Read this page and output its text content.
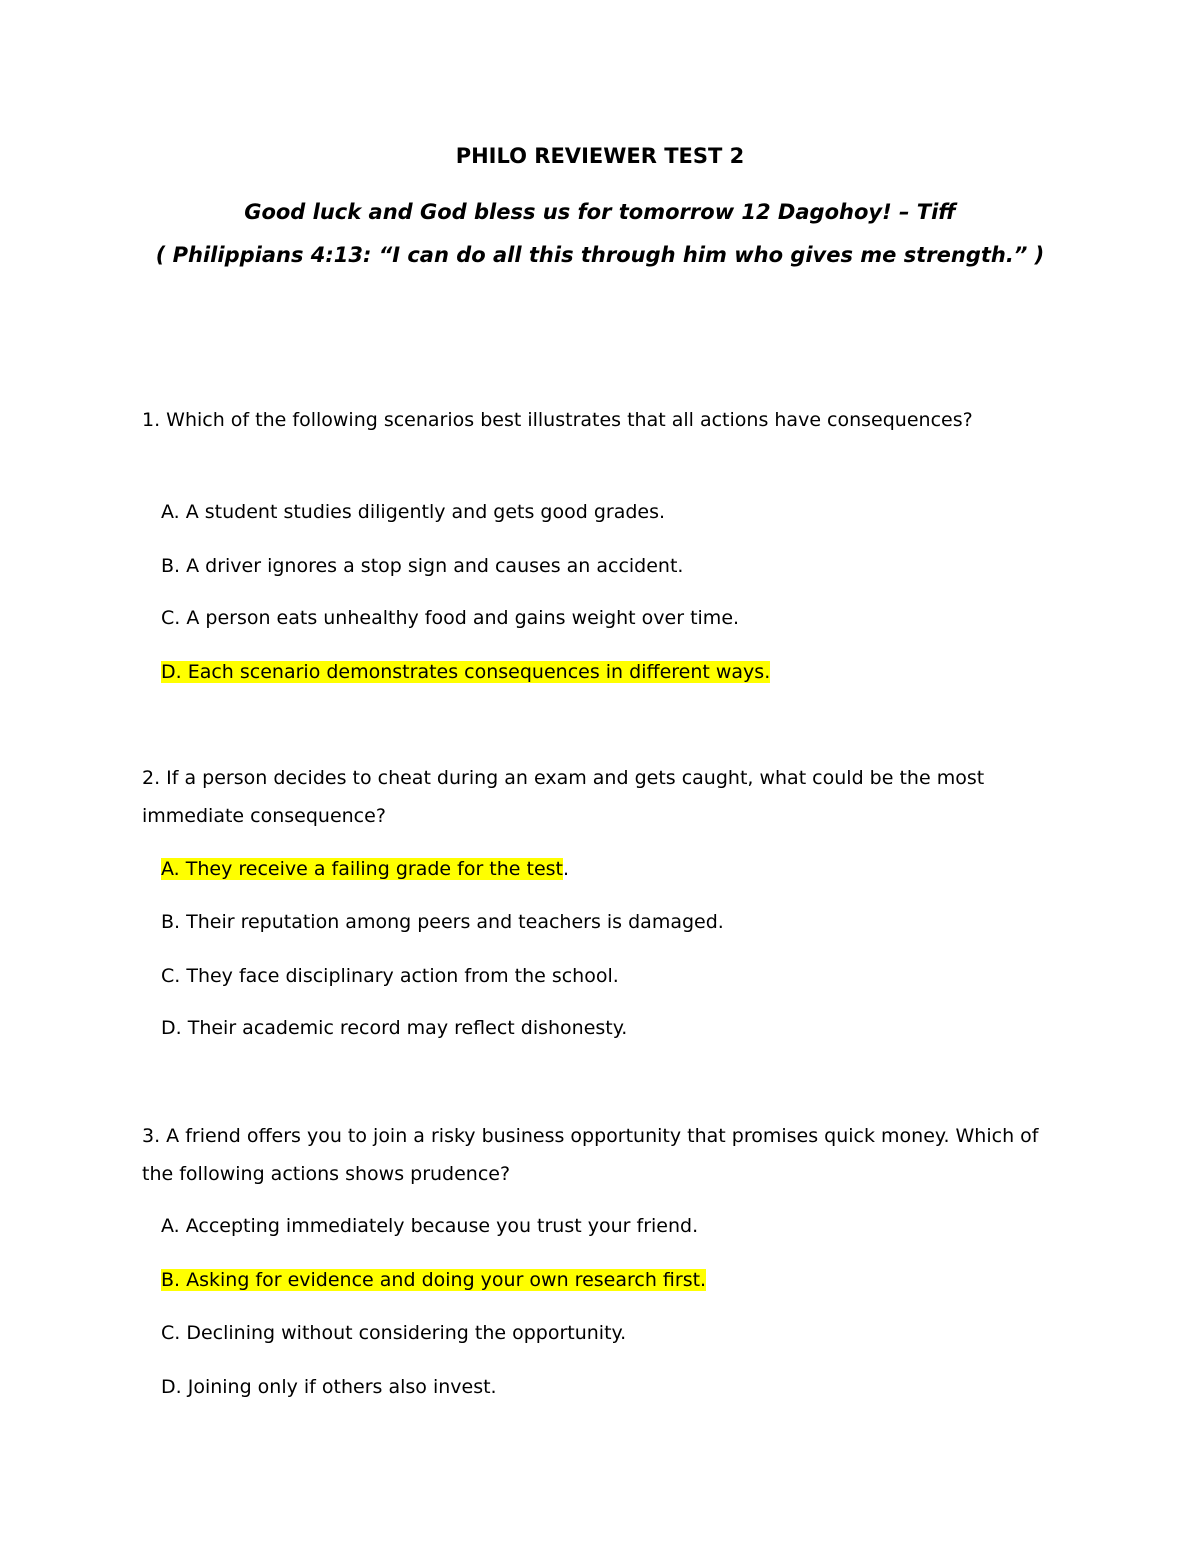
PHILO REVIEWER TEST 2

Good luck and God bless us for tomorrow 12 Dagohoy! – Tiff

( Philippians 4:13: “I can do all this through him who gives me strength.” )

1. Which of the following scenarios best illustrates that all actions have consequences?

A. A student studies diligently and gets good grades.

B. A driver ignores a stop sign and causes an accident.

C. A person eats unhealthy food and gains weight over time.

D. Each scenario demonstrates consequences in different ways.

2. If a person decides to cheat during an exam and gets caught, what could be the most immediate consequence?

A. They receive a failing grade for the test.

B. Their reputation among peers and teachers is damaged.

C. They face disciplinary action from the school.

D. Their academic record may reflect dishonesty.

3. A friend offers you to join a risky business opportunity that promises quick money. Which of the following actions shows prudence?

A. Accepting immediately because you trust your friend.

B. Asking for evidence and doing your own research first.

C. Declining without considering the opportunity.

D. Joining only if others also invest.
